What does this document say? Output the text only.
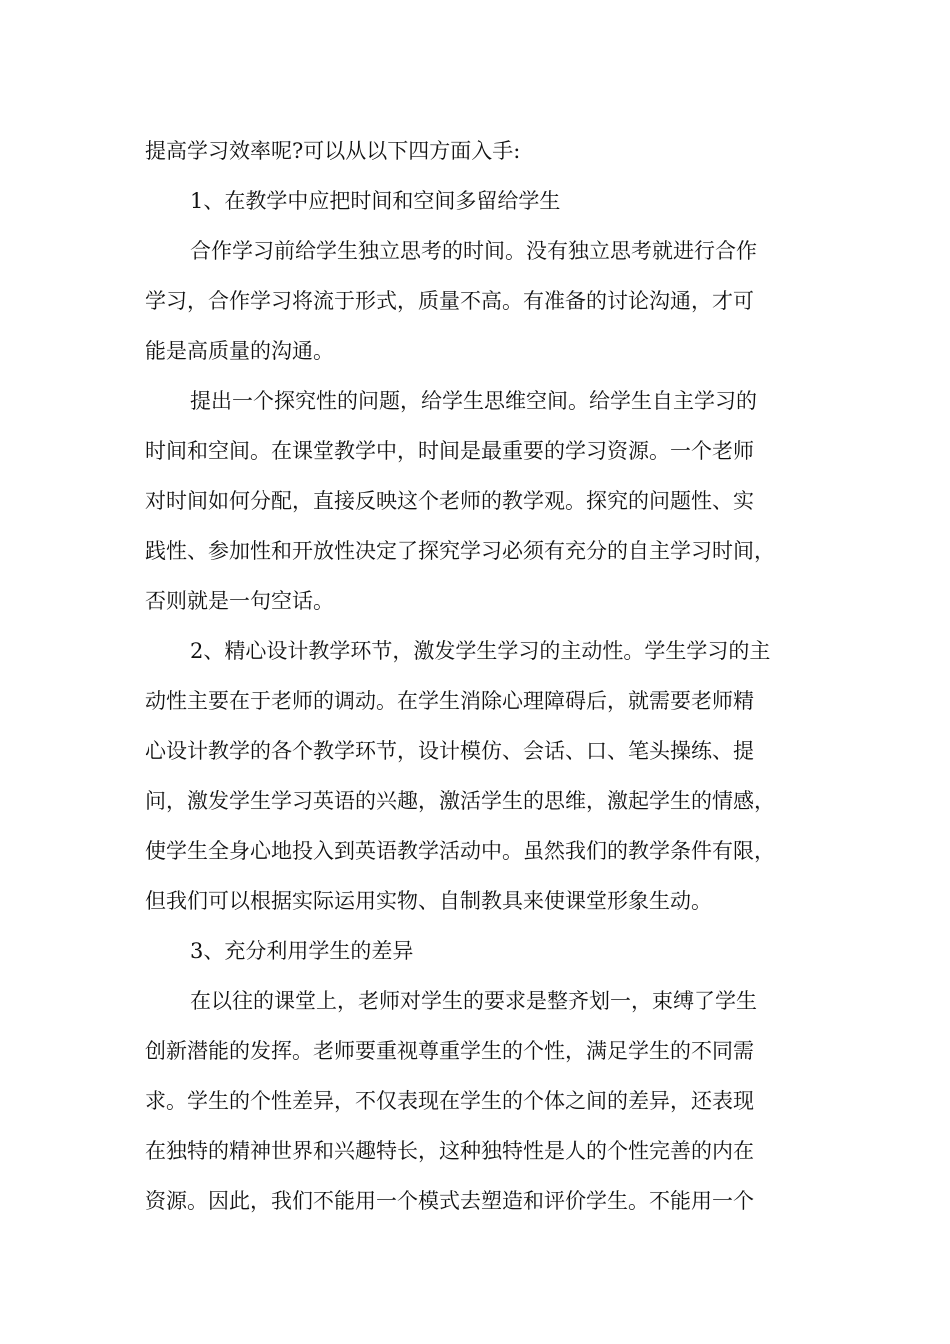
提高学习效率呢?可以从以下四方面入手:
1、在教学中应把时间和空间多留给学生
合作学习前给学生独立思考的时间。没有独立思考就进行合作
学习，合作学习将流于形式，质量不高。有准备的讨论沟通，才可
能是高质量的沟通。
提出一个探究性的问题，给学生思维空间。给学生自主学习的
时间和空间。在课堂教学中，时间是最重要的学习资源。一个老师
对时间如何分配，直接反映这个老师的教学观。探究的问题性、实
践性、参加性和开放性决定了探究学习必须有充分的自主学习时间，
否则就是一句空话。
2、精心设计教学环节，激发学生学习的主动性。学生学习的主
动性主要在于老师的调动。在学生消除心理障碍后，就需要老师精
心设计教学的各个教学环节，设计模仿、会话、口、笔头操练、提
问，激发学生学习英语的兴趣，激活学生的思维，激起学生的情感，
使学生全身心地投入到英语教学活动中。虽然我们的教学条件有限，
但我们可以根据实际运用实物、自制教具来使课堂形象生动。
3、充分利用学生的差异
在以往的课堂上，老师对学生的要求是整齐划一，束缚了学生
创新潜能的发挥。老师要重视尊重学生的个性，满足学生的不同需
求。学生的个性差异，不仅表现在学生的个体之间的差异，还表现
在独特的精神世界和兴趣特长，这种独特性是人的个性完善的内在
资源。因此，我们不能用一个模式去塑造和评价学生。不能用一个
